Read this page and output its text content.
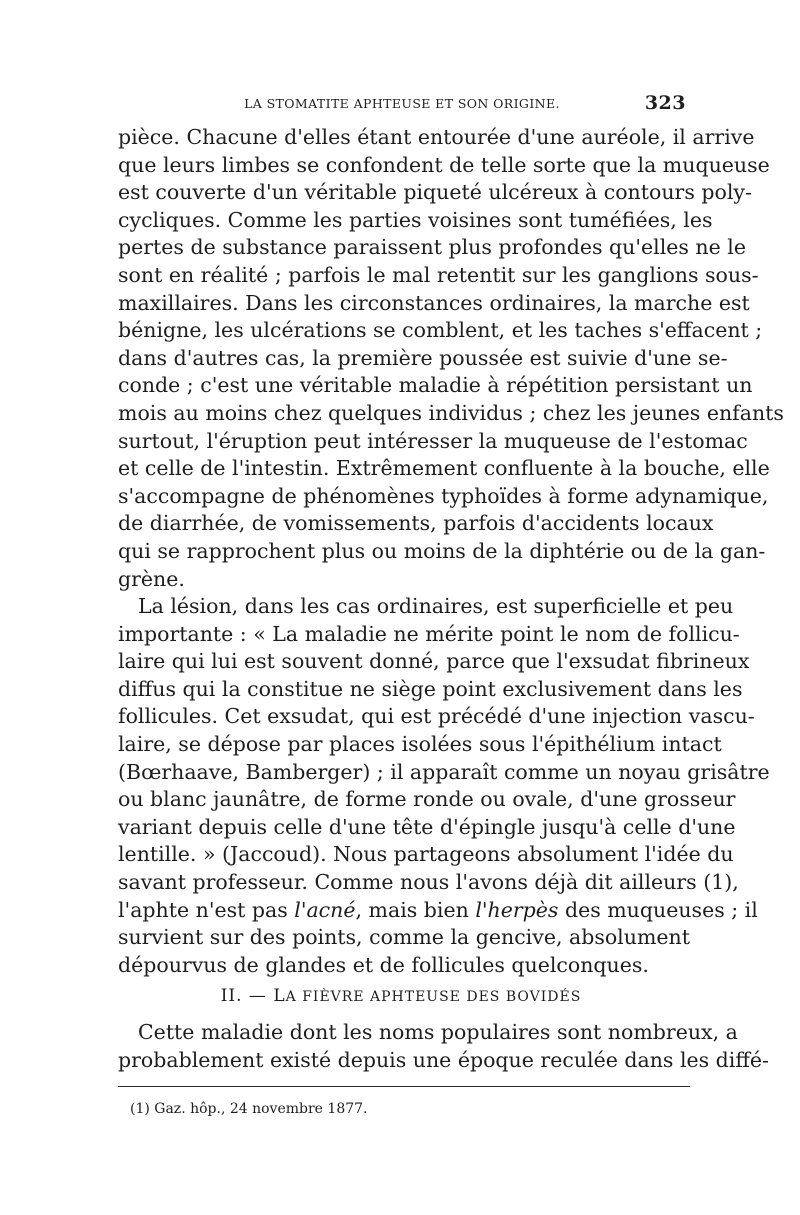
LA STOMATITE APHTEUSE ET SON ORIGINE.	323
pièce. Chacune d'elles étant entourée d'une auréole, il arrive
que leurs limbes se confondent de telle sorte que la muqueuse
est couverte d'un véritable piqueté ulcéreux à contours poly-
cycliques. Comme les parties voisines sont tuméfiées, les
pertes de substance paraissent plus profondes qu'elles ne le
sont en réalité ; parfois le mal retentit sur les ganglions sous-
maxillaires. Dans les circonstances ordinaires, la marche est
bénigne, les ulcérations se comblent, et les taches s'effacent ;
dans d'autres cas, la première poussée est suivie d'une se-
conde ; c'est une véritable maladie à répétition persistant un
mois au moins chez quelques individus ; chez les jeunes enfants
surtout, l'éruption peut intéresser la muqueuse de l'estomac
et celle de l'intestin. Extrêmement confluente à la bouche, elle
s'accompagne de phénomènes typhoïdes à forme adynamique,
de diarrhée, de vomissements, parfois d'accidents locaux
qui se rapprochent plus ou moins de la diphtérie ou de la gan-
grène.
La lésion, dans les cas ordinaires, est superficielle et peu
importante : « La maladie ne mérite point le nom de follicu-
laire qui lui est souvent donné, parce que l'exsudat fibrineux
diffus qui la constitue ne siège point exclusivement dans les
follicules. Cet exsudat, qui est précédé d'une injection vascu-
laire, se dépose par places isolées sous l'épithélium intact
(Bœrhaave, Bamberger) ; il apparaît comme un noyau grisâtre
ou blanc jaunâtre, de forme ronde ou ovale, d'une grosseur
variant depuis celle d'une tête d'épingle jusqu'à celle d'une
lentille. » (Jaccoud). Nous partageons absolument l'idée du
savant professeur. Comme nous l'avons déjà dit ailleurs (1),
l'aphte n'est pas l'acné, mais bien l'herpès des muqueuses ; il
survient sur des points, comme la gencive, absolument
dépourvus de glandes et de follicules quelconques.
II. — LA FIÈVRE APHTEUSE DES BOVIDÉS
Cette maladie dont les noms populaires sont nombreux, a
probablement existé depuis une époque reculée dans les diffé-
(1) Gaz. hôp., 24 novembre 1877.
